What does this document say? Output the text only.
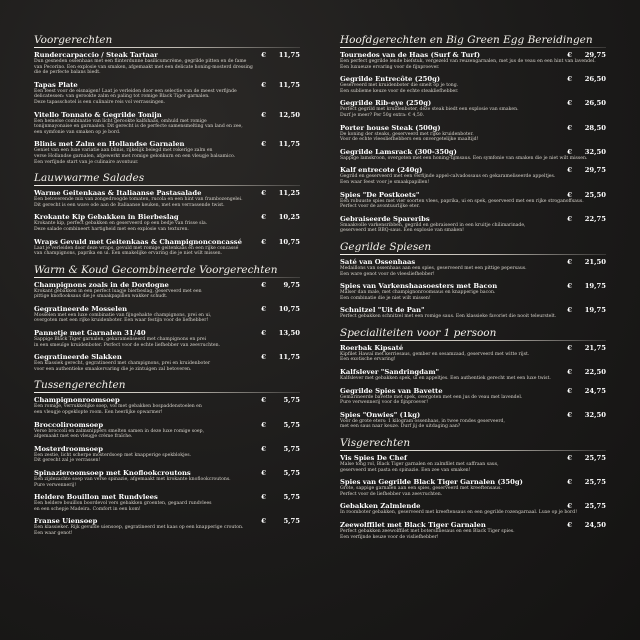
Voorgerechten
Rundercarpaccio / Steak Tartaar	€	11,75
Dun gesneden ossenhaas met een flinterdunne basilicumcrème, gegrilde pitten en de fame
van Pecorino. Een explosie van smaken, afgemaakt met een delicate honing-mosterd dressing
die de perfecte balans biedt.
Tapas Plate	€	11,75
Een feest voor de eisnaigen! Laat je verleiden door een selectie van de meest verfijnde
delicatessen: van gerookte zalm en paling tot romige Black Tiger garnalen.
Deze tapasschotel is een culinaire reis vol verrassingen.
Vitello Tonnato & Gegrilde Tonijn	€	12,50
Een hemelse combinatie van licht gerookte kalfshaas, omhuld met romige
tonijnmayonaise en garnaalen. Dit gerecht is de perfecte samensmelting van land en zee,
een symfonie van smaken op je bord.
Blinis met Zalm en Hollandse Garnalen	€	11,75
Geniet van een luxe variatie aan blinis, rijkelijk belegd met rokerige zalm en
verse Hollandse garnalen, afgewerkt met romige gelonkurn en een vleugje balsamico.
Een verfijnde start van je culinaire avontuur.
Lauwwarme Salades
Warme Geitenkaas & Italiaanse Pastasalade	€	11,25
Een betoverende mix van zongedroogde tomaten, rucola en een hint van frambozengelei.
Dit gerecht is een wave ode aan de Italiaanse keuken, met een verrassende twist.
Krokante Kip Gebakken in Bierbeslag	€	10,25
Krokante kip, perfect gebakken en geserveerd op een bedje van frisse sla.
Deze salade combineert hartigheid met een explosie van texturen.
Wraps Gevuld met Geitenkaas & Champignonconcassé	€	10,75
Laat je verleiden door deze wraps, gevuld met romige geitenkaas en een rijke concassé
van champignons, paprika en ui. Een smakelijke ervaring die je niet wilt missen.
Warm & Koud Gecombineerde Voorgerechten
Champignons zoals in de Dordogne	€	9,75
Krokant gebakken in een perfect luagje bierbeslag, geserveerd met een
pittige knoflooksaus die je smaakpapillen wakker schudt.
Gegratineerde Mosselen	€	10,75
Mosselen met een luxe combinatie van fijngehakte champignons, prei en ui,
overgoten met een rijke kruidenboter. Een waar festijn voor de liefhebber!
Pannetje met Garnalen 31/40	€	13,50
Sappige Black Tiger garnalen, gekarameliseerd met champignons en prei
in een smeuïge kruidenboter. Perfect voor de echte liefhebber van zeevruchten.
Gegratineerde Slakken	€	11,75
Een klassiek gerecht, gegratineerd met champignons, prei en kruidenboter
voor een authentieke smaakervaring die je zintuigen zal betoveren.
Tussengerechten
Champignonroomsoep	€	5,75
Een romige, verrukkelijke soep, vol met gebakken bospaddenstoelen en
een vleugje opgeklopte room. Een heerlijke opwarmer!
Broccoliroomsoep	€	5,75
Verse broccoli en zalmsnippers smelten samen in deze luxe romige soep,
afgemaakt met een vleugje crème fraîche.
Mosterdroomsoep	€	5,75
Een zestie, licht scherpe mosterdsoep met knapperige spekblokjes.
Dit gerecht zal je verrassen!
Spinazieroomsoep met Knoflookcroutons	€	5,75
Een zijdezachte soep van verse spinazie, afgemaakt met krokante knoflookcroutons.
Pure verwennerij!
Heldere Bouillon met Rundvlees	€	5,75
Een heldere bouillon boordevol vers gebakken groenten, gegaard rundvlees
en een schepje Madeira. Comfort in een kom!
Franse Uiensoep	€	5,75
Een klassieker. Rijk gevulde uiensoep, gegratineerd met kaas op een knapperige crouton.
Een waar genot!
Hoofdgerechten en Big Green Egg Bereidingen
Tournedos van de Haas (Surf & Turf)	€	29,75
Een perfect gegrilde lende biefstuk, vergezeld van reuzengarnalen, met jus de veau en een hint van lavendel.
Een luxueuze ervaring voor de fijnproever.
Gegrilde Entrecôte (250g)	€	26,50
Geserveerd met kruidenboter die smelt op je tong.
Een sublieme keuze voor de echte steakliefhebber.
Gegrilde Rib-eye (250g)	€	26,50
Perfect gegrild met kruidenboter, deze steak biedt een explosie van smaken.
Durf je meer? Per 50g extra: € 4,50.
Porter house Steak (500g)	€	28,50
De koning der steaks, geserveerd met rijke kruidenboter.
Voor de echte vleesliefhebbers een onvergetelijke maaltijd!
Gegrilde Lamsrack (300-350g)	€	32,50
Sappige lamskroon, overgoten met een honing-tijmsaus. Een symfonie van smaken die je niet wilt missen.
Kalf entrecote (240g)	€	29,75
Gegrild en geserveerd met een verfijnde appel-calvadossaus en gekarameliseerde appeltjes.
Een waar feest voor je smaakpapillen!
Spies "De Postkoets"	€	25,50
Een robuuste spies met vier soorten vlees, paprika, ui en spek, geserveerd met een rijke stroganoffsaus.
Perfect voor de avontuurlijke eter.
Gebraiseerde Spareribs	€	22,75
Smaakvolle varkensribben, gegrild en gebraiseerd in een kruitje chilimarinade,
geserveerd met BBQ-saus. Een explosie van smaken!
Gegrilde Spiesen
Saté van Ossenhaas	€	21,50
Medaillons van ossenhaas aan een spies, geserveerd met een pittige pepersaus.
Een ware genot voor de vleesliefhebber!
Spies van Varkenshaasoesters met Bacon	€	19,75
Malser dan male, met champignonroomsaus en knapperige bacon.
Een combinatie die je niet wilt missen!
Schnitzel "Uit de Pan"	€	19,75
Perfect gebakken schnitzel met een romige saus. Een klassieke favoriet die nooit teleurstelt.
Specialiteiten voor 1 persoon
Roerbak Kipsaté	€	21,75
Kipfilet Hawaï met kerriesaus, gember en sesamzaad, geserveerd met witte rijst.
Een exotische ervaring!
Kalfslever "Sandringdam"	€	22,50
Kalfslever met gebakken spek, ui en appeltjes. Een authentiek gerecht met een luxe twist.
Gegrilde Spies van Bavette	€	24,75
Gemarineerde bavette met spek, overgoten met een jus de veau met lavendel.
Pure verwennerij voor de fijnproever!
Spies "Onwies" (1kg)	€	32,50
Voor de grote eters: 1 kilogram ossenhaas, in twee rondes geserveerd,
met een saus naar keuze. Durf jij de uitdaging aan?
Visgerechten
Vis Spies De Chef	€	25,75
Malse tong rol, Black Tiger garnalen en zalmfilet met saffraan saus,
geserveerd met pasta en spinazie. Een zee van smaken!
Spies van Gegrilde Black Tiger Garnalen (350g)	€	25,75
Grote, sappige garnalen aan een spies, geserveerd met kreeftensaus.
Perfect voor de liefhebber van zeevruchten.
Gebakken Zalmlende	€	25,75
In roomboter gebakken, geserveerd met kreeftensaus en een gegrilde rozengarnaal. Luxe op je bord!
Zeewolffilet met Black Tiger Garnalen	€	24,50
Perfect gebakken zeewolffilet met botersliliesaus en een Black Tiger spies.
Een verfijnde keuze voor de visliefhebber!
